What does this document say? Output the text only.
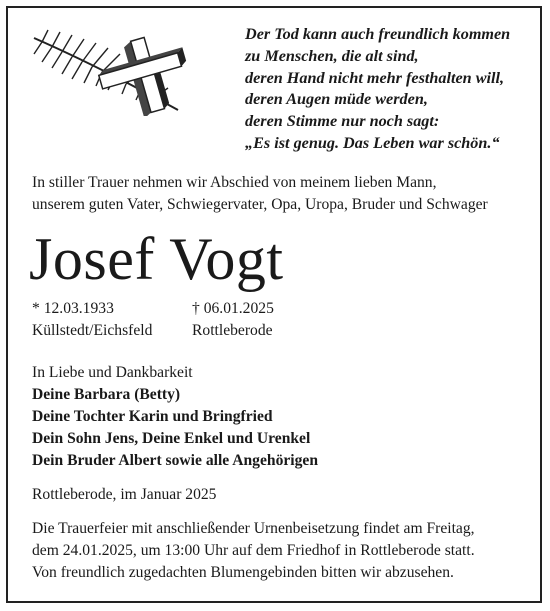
Der Tod kann auch freundlich kommen
zu Menschen, die alt sind,
deren Hand nicht mehr festhalten will,
deren Augen müde werden,
deren Stimme nur noch sagt:
„Es ist genug. Das Leben war schön.“
In stiller Trauer nehmen wir Abschied von meinem lieben Mann,
unserem guten Vater, Schwiegervater, Opa, Uropa, Bruder und Schwager
Josef Vogt
* 12.03.1933	† 06.01.2025
Küllstedt/Eichsfeld	Rottleberode
In Liebe und Dankbarkeit
Deine Barbara (Betty)
Deine Tochter Karin und Bringfried
Dein Sohn Jens, Deine Enkel und Urenkel
Dein Bruder Albert sowie alle Angehörigen
Rottleberode, im Januar 2025
Die Trauerfeier mit anschließender Urnenbeisetzung findet am Freitag,
dem 24.01.2025, um 13:00 Uhr auf dem Friedhof in Rottleberode statt.
Von freundlich zugedachten Blumengebinden bitten wir abzusehen.
